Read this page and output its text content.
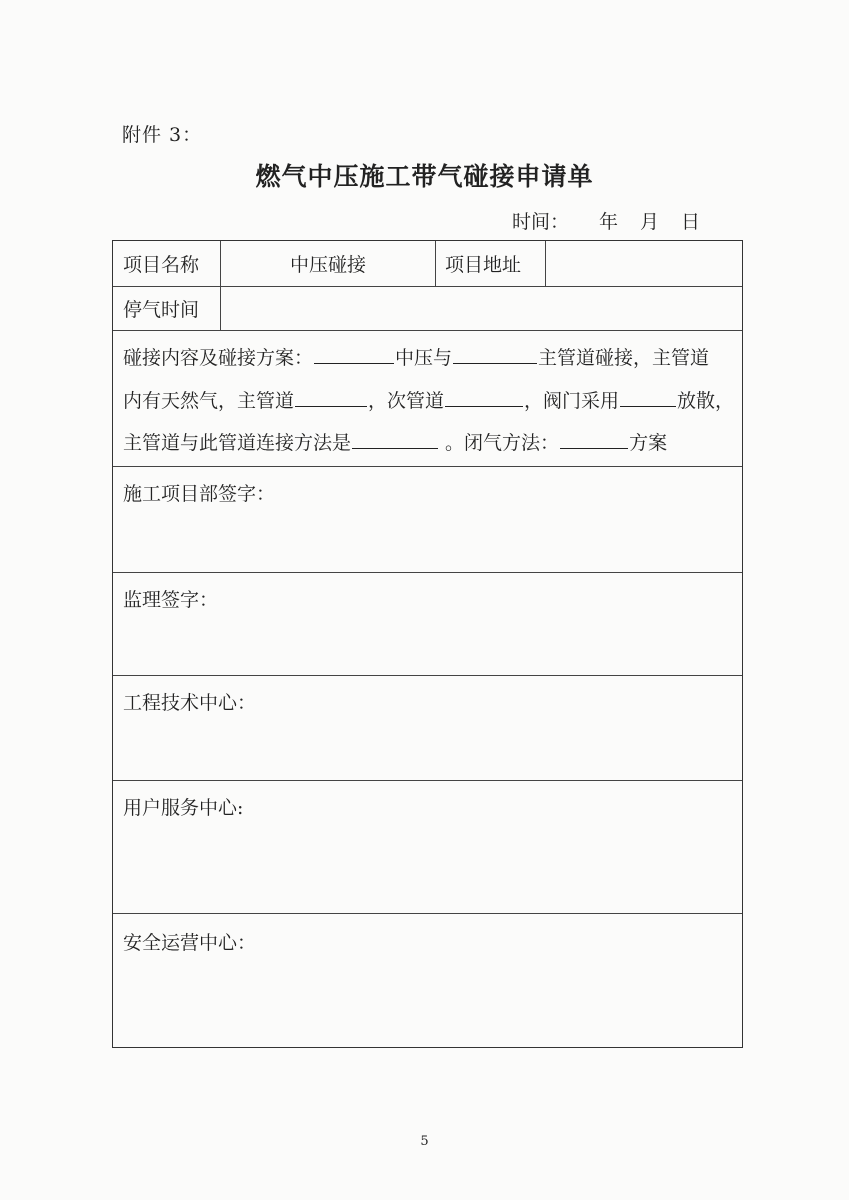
附件 3：
燃气中压施工带气碰接申请单
时间： 年 月 日
项目名称	中压碰接	项目地址
停气时间
碰接内容及碰接方案：	中压与	主管道碰接，主管道
内有天然气，主管道	，次管道	，阀门采用	放散，
主管道与此管道连接方法是	。闭气方法：	方案
施工项目部签字：
监理签字：
工程技术中心：
用户服务中心:
安全运营中心：
5
